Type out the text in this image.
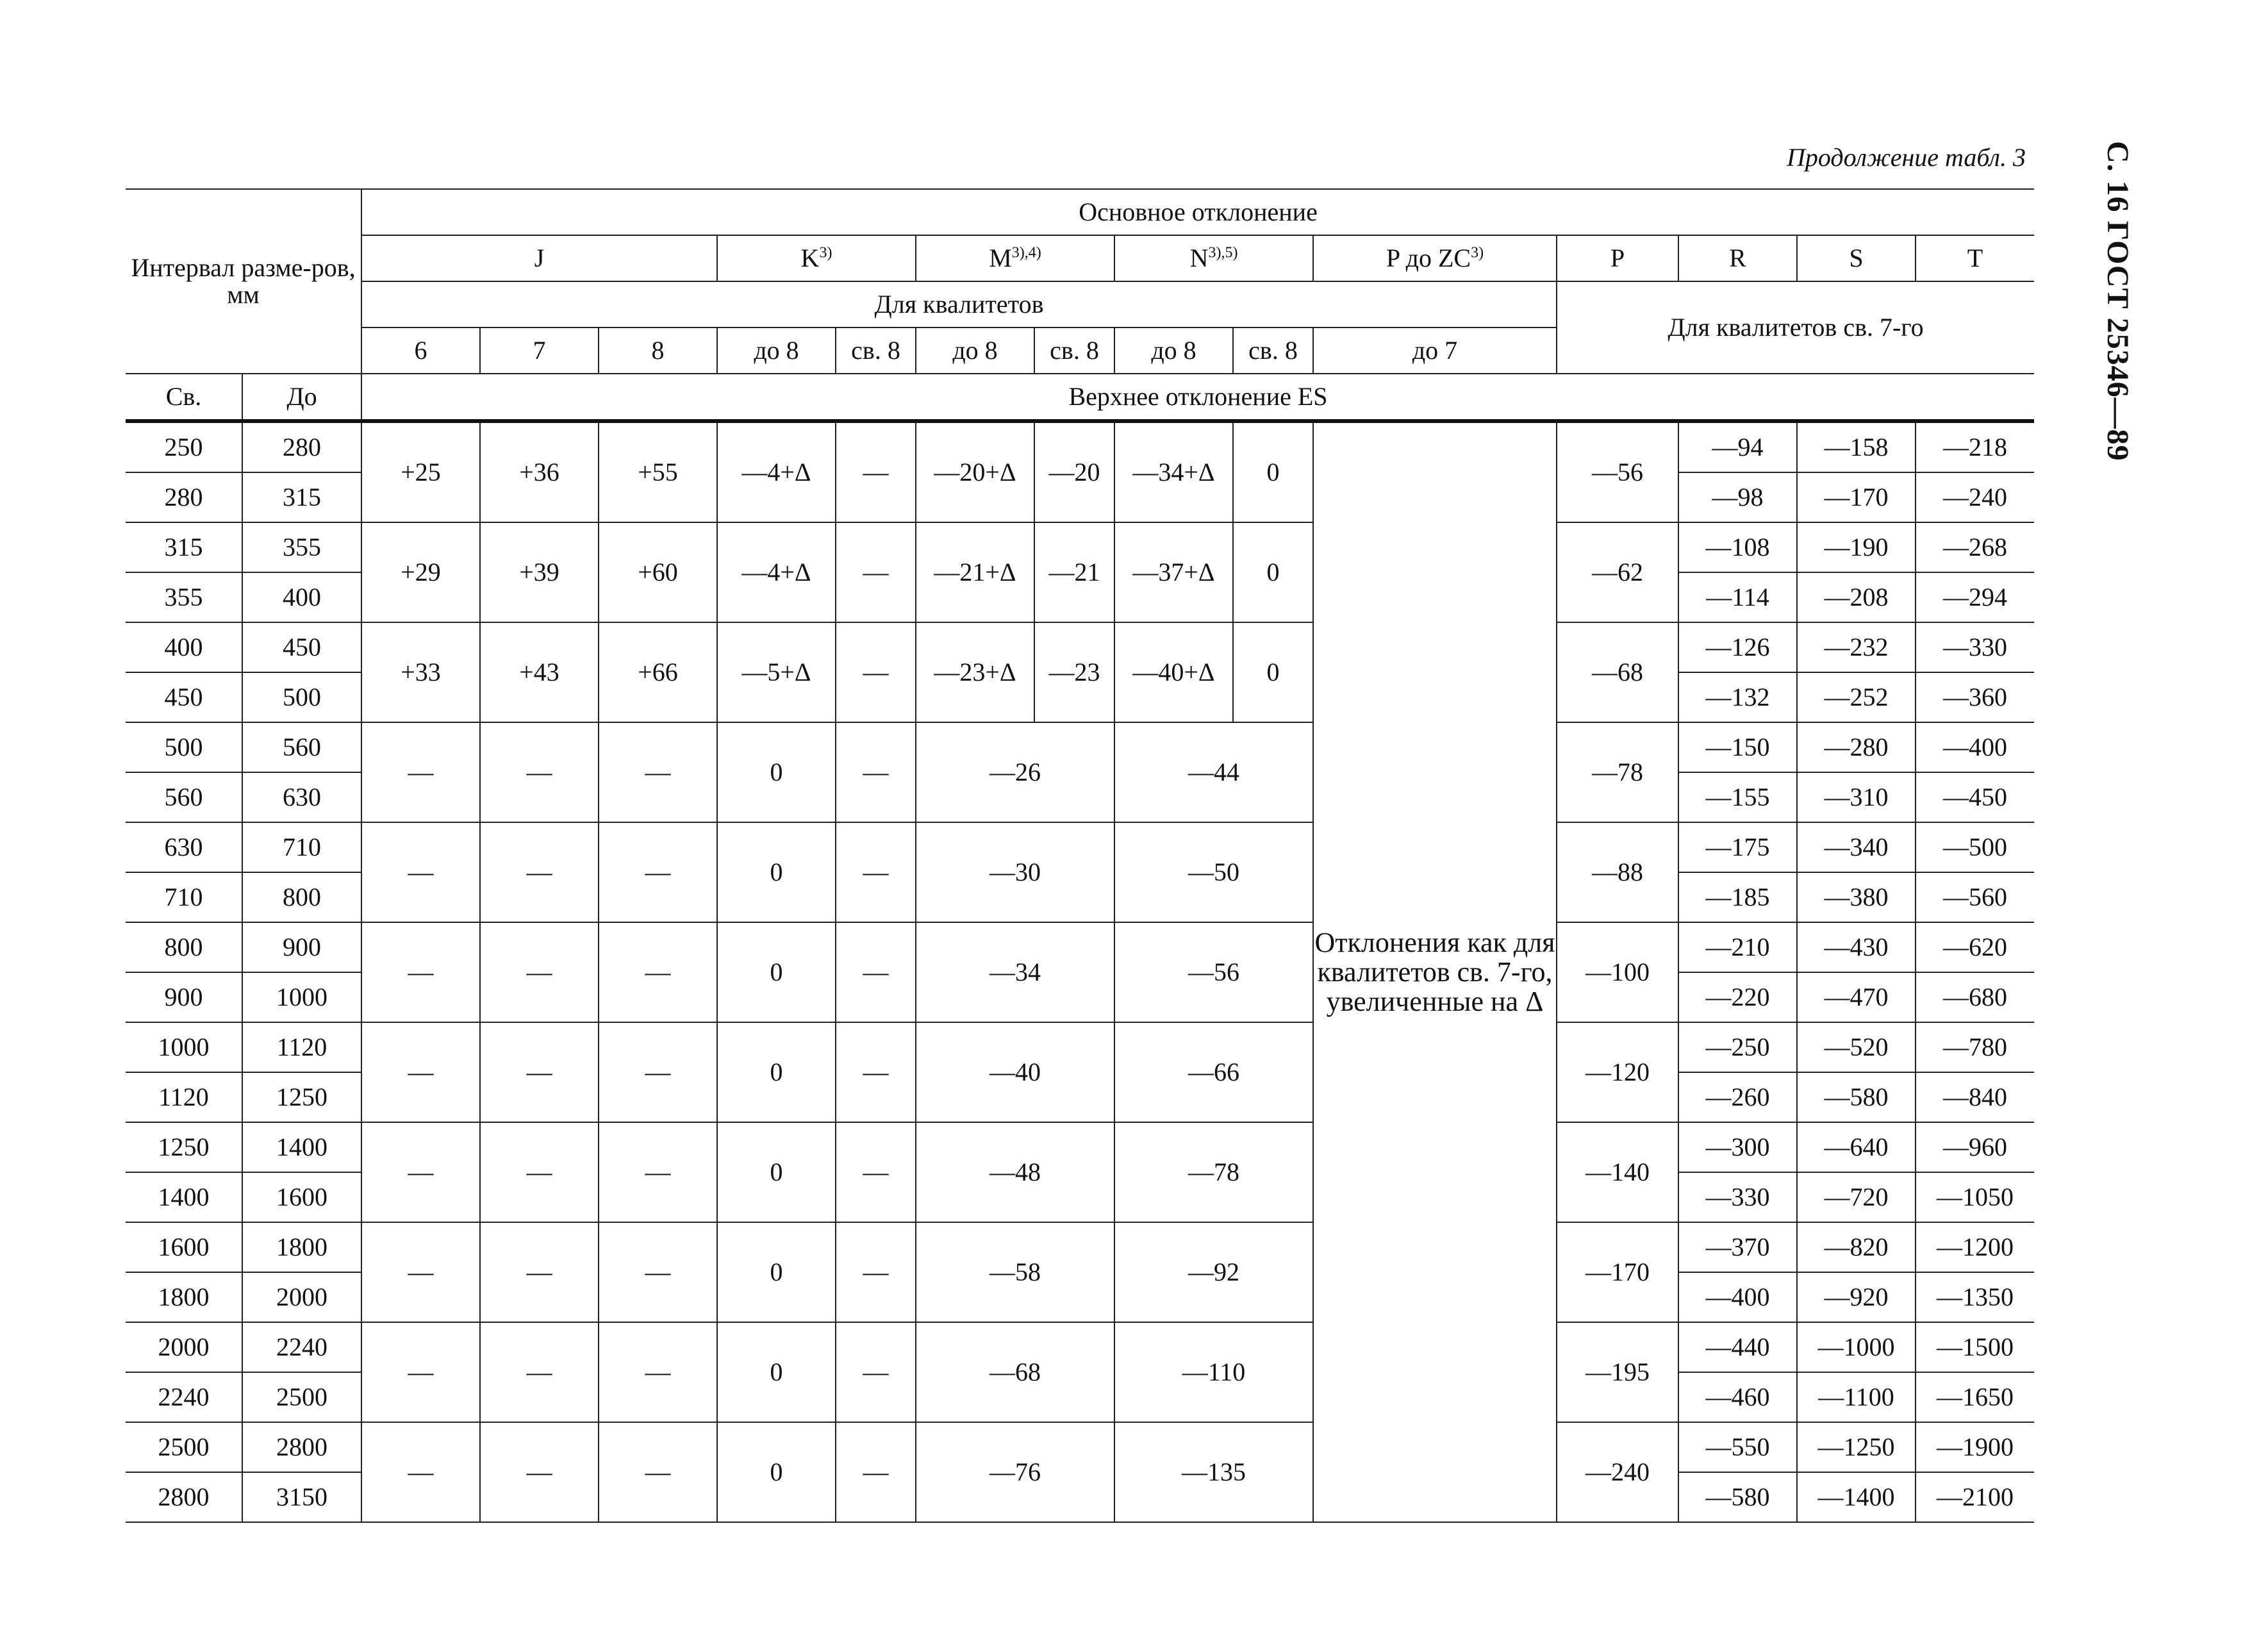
Продолжение табл. 3	С. 16 ГОСТ 25346—89
Интервал разме-ров, мм		Основное отклонение													
		J			$K^{3)}$		$M^{3),4)}$		$N^{3),5)}$		P до ZC$^{3)}$	P	R	S	T
		Для квалитетов										Для квалитетов св. 7-го			
		6	7	8	до 8	св. 8	до 8	св. 8	до 8	св. 8	до 7				
Св.	До	Верхнее отклонение ES													
250	280	+25	+36	+55	—4+Δ	—	—20+Δ	—20	—34+Δ	0	Отклонения как для квалитетов св. 7-го, увеличенные на Δ	—56	—94	—158	—218
280	315												—98	—170	—240
315	355	+29	+39	+60	—4+Δ	—	—21+Δ	—21	—37+Δ	0		—62	—108	—190	—268
355	400												—114	—208	—294
400	450	+33	+43	+66	—5+Δ	—	—23+Δ	—23	—40+Δ	0		—68	—126	—232	—330
450	500												—132	—252	—360
500	560	—	—	—	0	—	—26		—44			—78	—150	—280	—400
560	630												—155	—310	—450
630	710	—	—	—	0	—	—30		—50			—88	—175	—340	—500
710	800												—185	—380	—560
800	900	—	—	—	0	—	—34		—56			—100	—210	—430	—620
900	1000												—220	—470	—680
1000	1120	—	—	—	0	—	—40		—66			—120	—250	—520	—780
1120	1250												—260	—580	—840
1250	1400	—	—	—	0	—	—48		—78			—140	—300	—640	—960
1400	1600												—330	—720	—1050
1600	1800	—	—	—	0	—	—58		—92			—170	—370	—820	—1200
1800	2000												—400	—920	—1350
2000	2240	—	—	—	0	—	—68		—110			—195	—440	—1000	—1500
2240	2500												—460	—1100	—1650
2500	2800	—	—	—	0	—	—76		—135			—240	—550	—1250	—1900
2800	3150												—580	—1400	—2100
